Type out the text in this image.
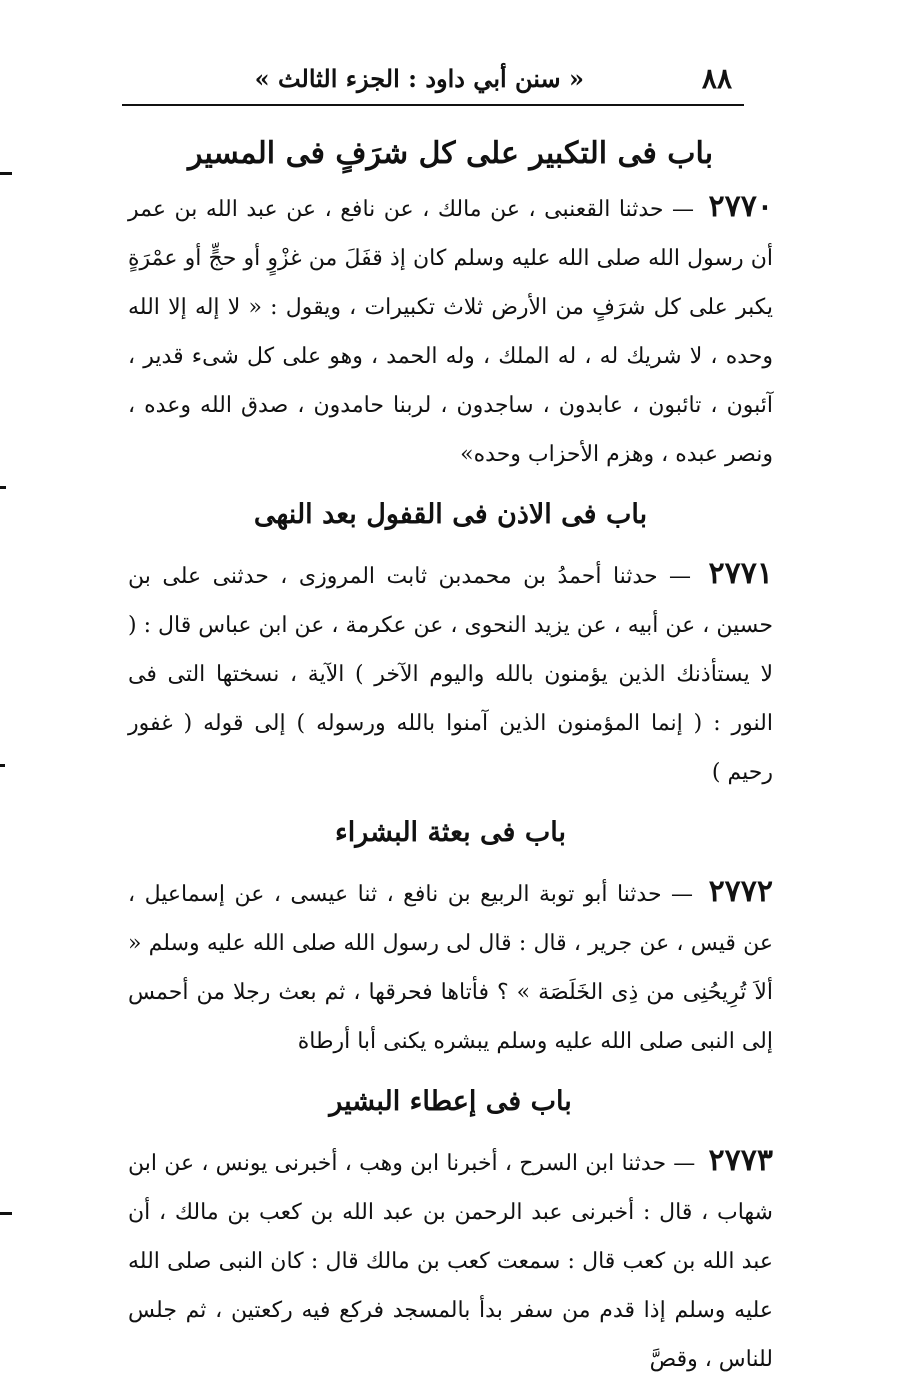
٨٨
« سنن أبي داود : الجزء الثالث »
باب فى التكبير على كل شرَفٍ فى المسير
٢٧٧٠ — حدثنا القعنبى ، عن مالك ، عن نافع ، عن عبد الله بن عمر أن رسول الله صلى الله عليه وسلم كان إذ قفَلَ من غزْوٍ أو حجٍّ أو عمْرَةٍ يكبر على كل شرَفٍ من الأرض ثلاث تكبيرات ، ويقول : « لا إله إلا الله وحده ، لا شريك له ، له الملك ، وله الحمد ، وهو على كل شىء قدير ، آئبون ، تائبون ، عابدون ، ساجدون ، لربنا حامدون ، صدق الله وعده ، ونصر عبده ، وهزم الأحزاب وحده»
باب فى الاذن فى القفول بعد النهى
٢٧٧١ — حدثنا أحمدُ بن محمدبن ثابت المروزى ، حدثنى على بن حسين ، عن أبيه ، عن يزيد النحوى ، عن عكرمة ، عن ابن عباس قال : ( لا يستأذنك الذين يؤمنون بالله واليوم الآخر ) الآية ، نسختها التى فى النور : ( إنما المؤمنون الذين آمنوا بالله ورسوله ) إلى قوله ( غفور رحيم )
باب فى بعثة البشراء
٢٧٧٢ — حدثنا أبو توبة الربيع بن نافع ، ثنا عيسى ، عن إسماعيل ، عن قيس ، عن جرير ، قال : قال لى رسول الله صلى الله عليه وسلم « ألاَ تُرِيحُنِى من ذِى الخَلَصَة » ؟ فأتاها فحرقها ، ثم بعث رجلا من أحمس إلى النبى صلى الله عليه وسلم يبشره يكنى أبا أرطاة
باب فى إعطاء البشير
٢٧٧٣ — حدثنا ابن السرح ، أخبرنا ابن وهب ، أخبرنى يونس ، عن ابن شهاب ، قال : أخبرنى عبد الرحمن بن عبد الله بن كعب بن مالك ، أن عبد الله بن كعب قال : سمعت كعب بن مالك قال : كان النبى صلى الله عليه وسلم إذا قدم من سفر بدأ بالمسجد فركع فيه ركعتين ، ثم جلس للناس ، وقصَّ
